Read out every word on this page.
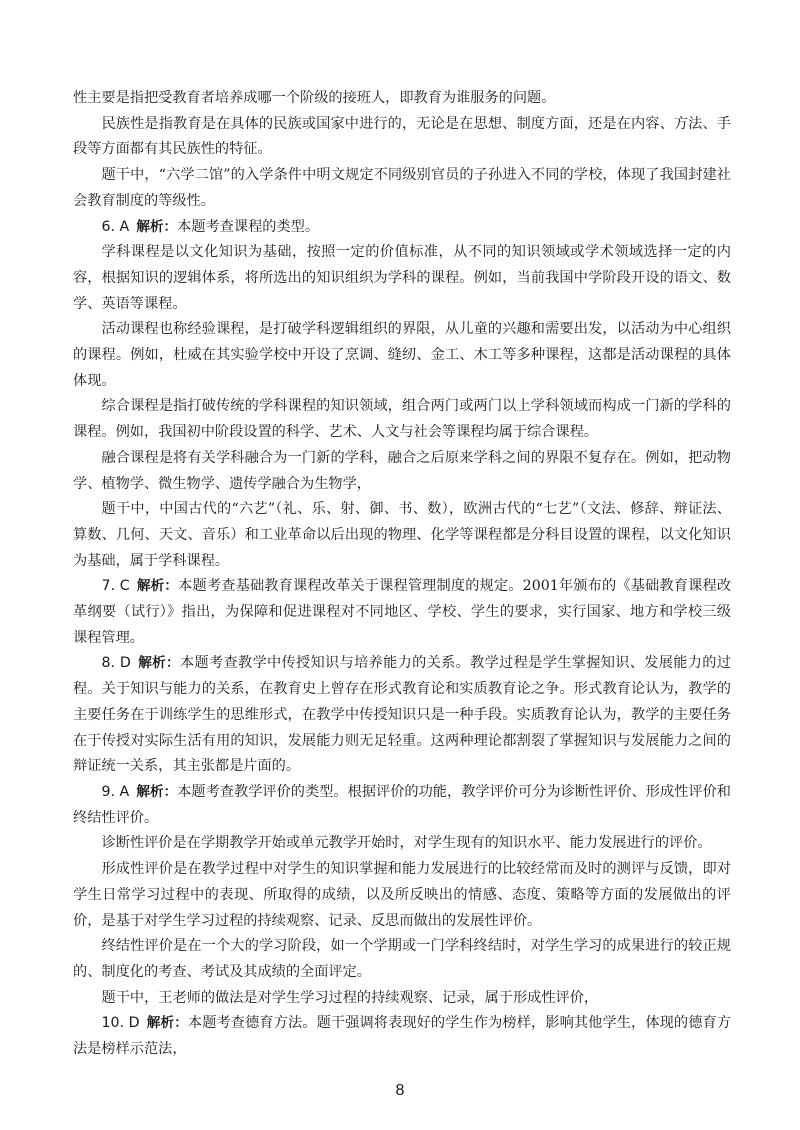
性主要是指把受教育者培养成哪一个阶级的接班人，即教育为谁服务的问题。

民族性是指教育是在具体的民族或国家中进行的，无论是在思想、制度方面，还是在内容、方法、手段等方面都有其民族性的特征。

题干中，“六学二馆”的入学条件中明文规定不同级别官员的子孙进入不同的学校，体现了我国封建社会教育制度的等级性。

6. A  解析：本题考查课程的类型。

学科课程是以文化知识为基础，按照一定的价值标准，从不同的知识领域或学术领域选择一定的内容，根据知识的逻辑体系，将所选出的知识组织为学科的课程。例如，当前我国中学阶段开设的语文、数学、英语等课程。

活动课程也称经验课程，是打破学科逻辑组织的界限，从儿童的兴趣和需要出发，以活动为中心组织的课程。例如，杜威在其实验学校中开设了烹调、缝纫、金工、木工等多种课程，这都是活动课程的具体体现。

综合课程是指打破传统的学科课程的知识领域，组合两门或两门以上学科领域而构成一门新的学科的课程。例如，我国初中阶段设置的科学、艺术、人文与社会等课程均属于综合课程。

融合课程是将有关学科融合为一门新的学科，融合之后原来学科之间的界限不复存在。例如，把动物学、植物学、微生物学、遗传学融合为生物学，

题干中，中国古代的“六艺”（礼、乐、射、御、书、数），欧洲古代的“七艺”（文法、修辞、辩证法、算数、几何、天文、音乐）和工业革命以后出现的物理、化学等课程都是分科目设置的课程，以文化知识为基础，属于学科课程。

7. C  解析：本题考查基础教育课程改革关于课程管理制度的规定。2001年颁布的《基础教育课程改革纲要（试行）》指出，为保障和促进课程对不同地区、学校、学生的要求，实行国家、地方和学校三级课程管理。

8. D  解析：本题考查教学中传授知识与培养能力的关系。教学过程是学生掌握知识、发展能力的过程。关于知识与能力的关系，在教育史上曾存在形式教育论和实质教育论之争。形式教育论认为，教学的主要任务在于训练学生的思维形式，在教学中传授知识只是一种手段。实质教育论认为，教学的主要任务在于传授对实际生活有用的知识，发展能力则无足轻重。这两种理论都割裂了掌握知识与发展能力之间的辩证统一关系，其主张都是片面的。

9. A  解析：本题考查教学评价的类型。根据评价的功能，教学评价可分为诊断性评价、形成性评价和终结性评价。

诊断性评价是在学期教学开始或单元教学开始时，对学生现有的知识水平、能力发展进行的评价。

形成性评价是在教学过程中对学生的知识掌握和能力发展进行的比较经常而及时的测评与反馈，即对学生日常学习过程中的表现、所取得的成绩，以及所反映出的情感、态度、策略等方面的发展做出的评价，是基于对学生学习过程的持续观察、记录、反思而做出的发展性评价。

终结性评价是在一个大的学习阶段，如一个学期或一门学科终结时，对学生学习的成果进行的较正规的、制度化的考查、考试及其成绩的全面评定。

题干中，王老师的做法是对学生学习过程的持续观察、记录，属于形成性评价，

10. D  解析：本题考查德育方法。题干强调将表现好的学生作为榜样，影响其他学生，体现的德育方法是榜样示范法，

8
